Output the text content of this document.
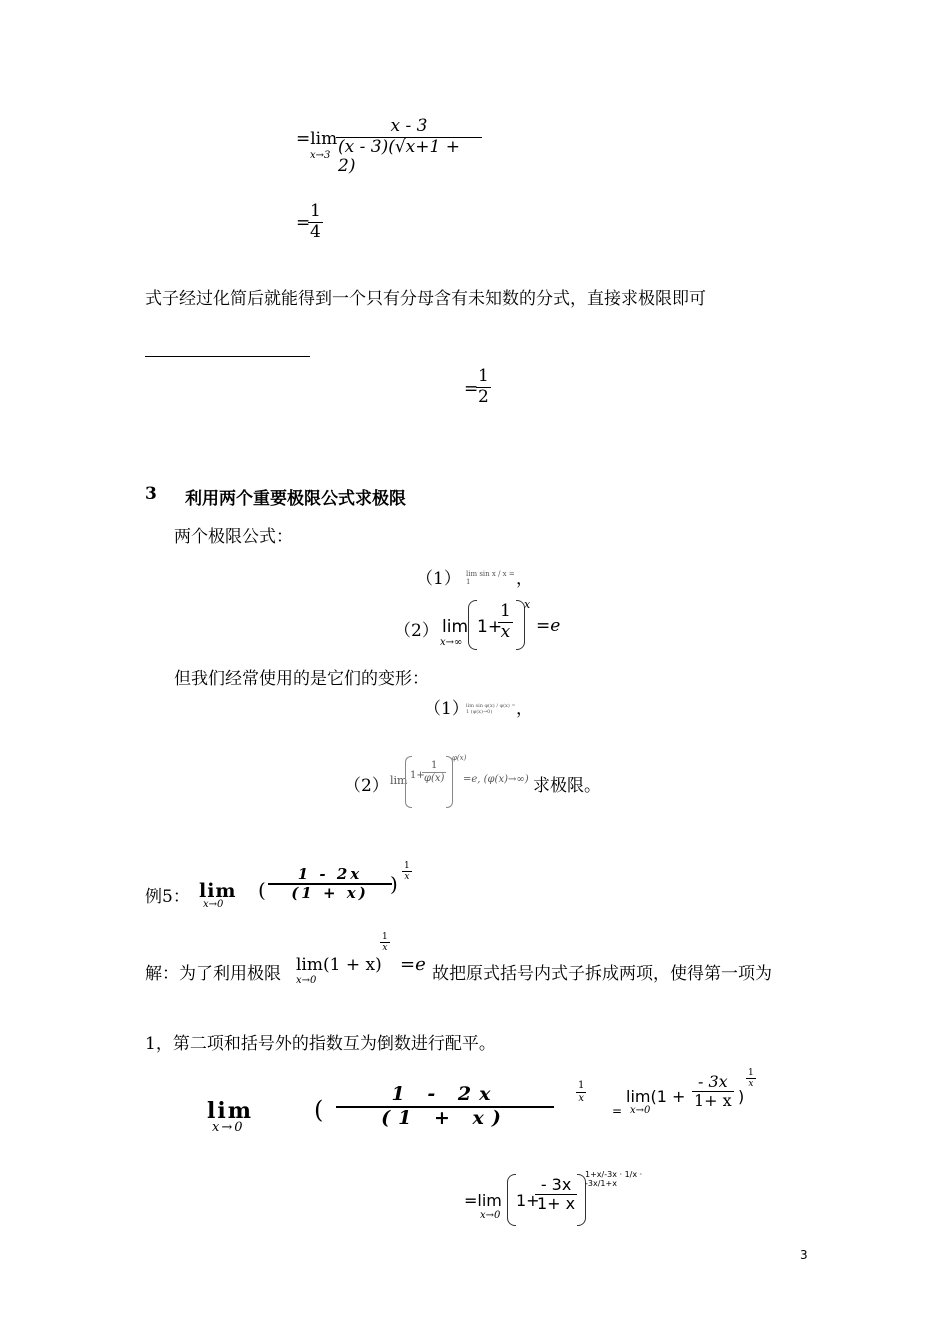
=lim
x→3
x - 3
(x - 3)(√x+1 + 2)
=
1
4
式子经过化简后就能得到一个只有分母含有未知数的分式，直接求极限即可
=
1
2
3 利用两个重要极限公式求极限
两个极限公式：
（1） lim sin x / x = 1	，
（2） lim
x→∞
1+
1
x
x
=e
但我们经常使用的是它们的变形：
（1）
lim sin φ(x) / φ(x) = 1 (φ(x)→0)	，
（2） lim 1+
1
φ(x)
φ(x)
=e, (φ(x)→∞) 求极限。
例5： lim
x→0
(
1 - 2x
(1 + x) )
1
x
解：为了利用极限 lim(1 + x)
x→0
1
x
=e 故把原式括号内式子拆成两项，使得第一项为
1，第二项和括号外的指数互为倒数进行配平。
lim
x→0
(
1 - 2x
(1 + x)
1
x
=
lim(1 +
x→0
- 3x
1+ x )
1
x
=lim
x→0
1+
- 3x
1+ x
1+x/-3x · 1/x · -3x/1+x
3
